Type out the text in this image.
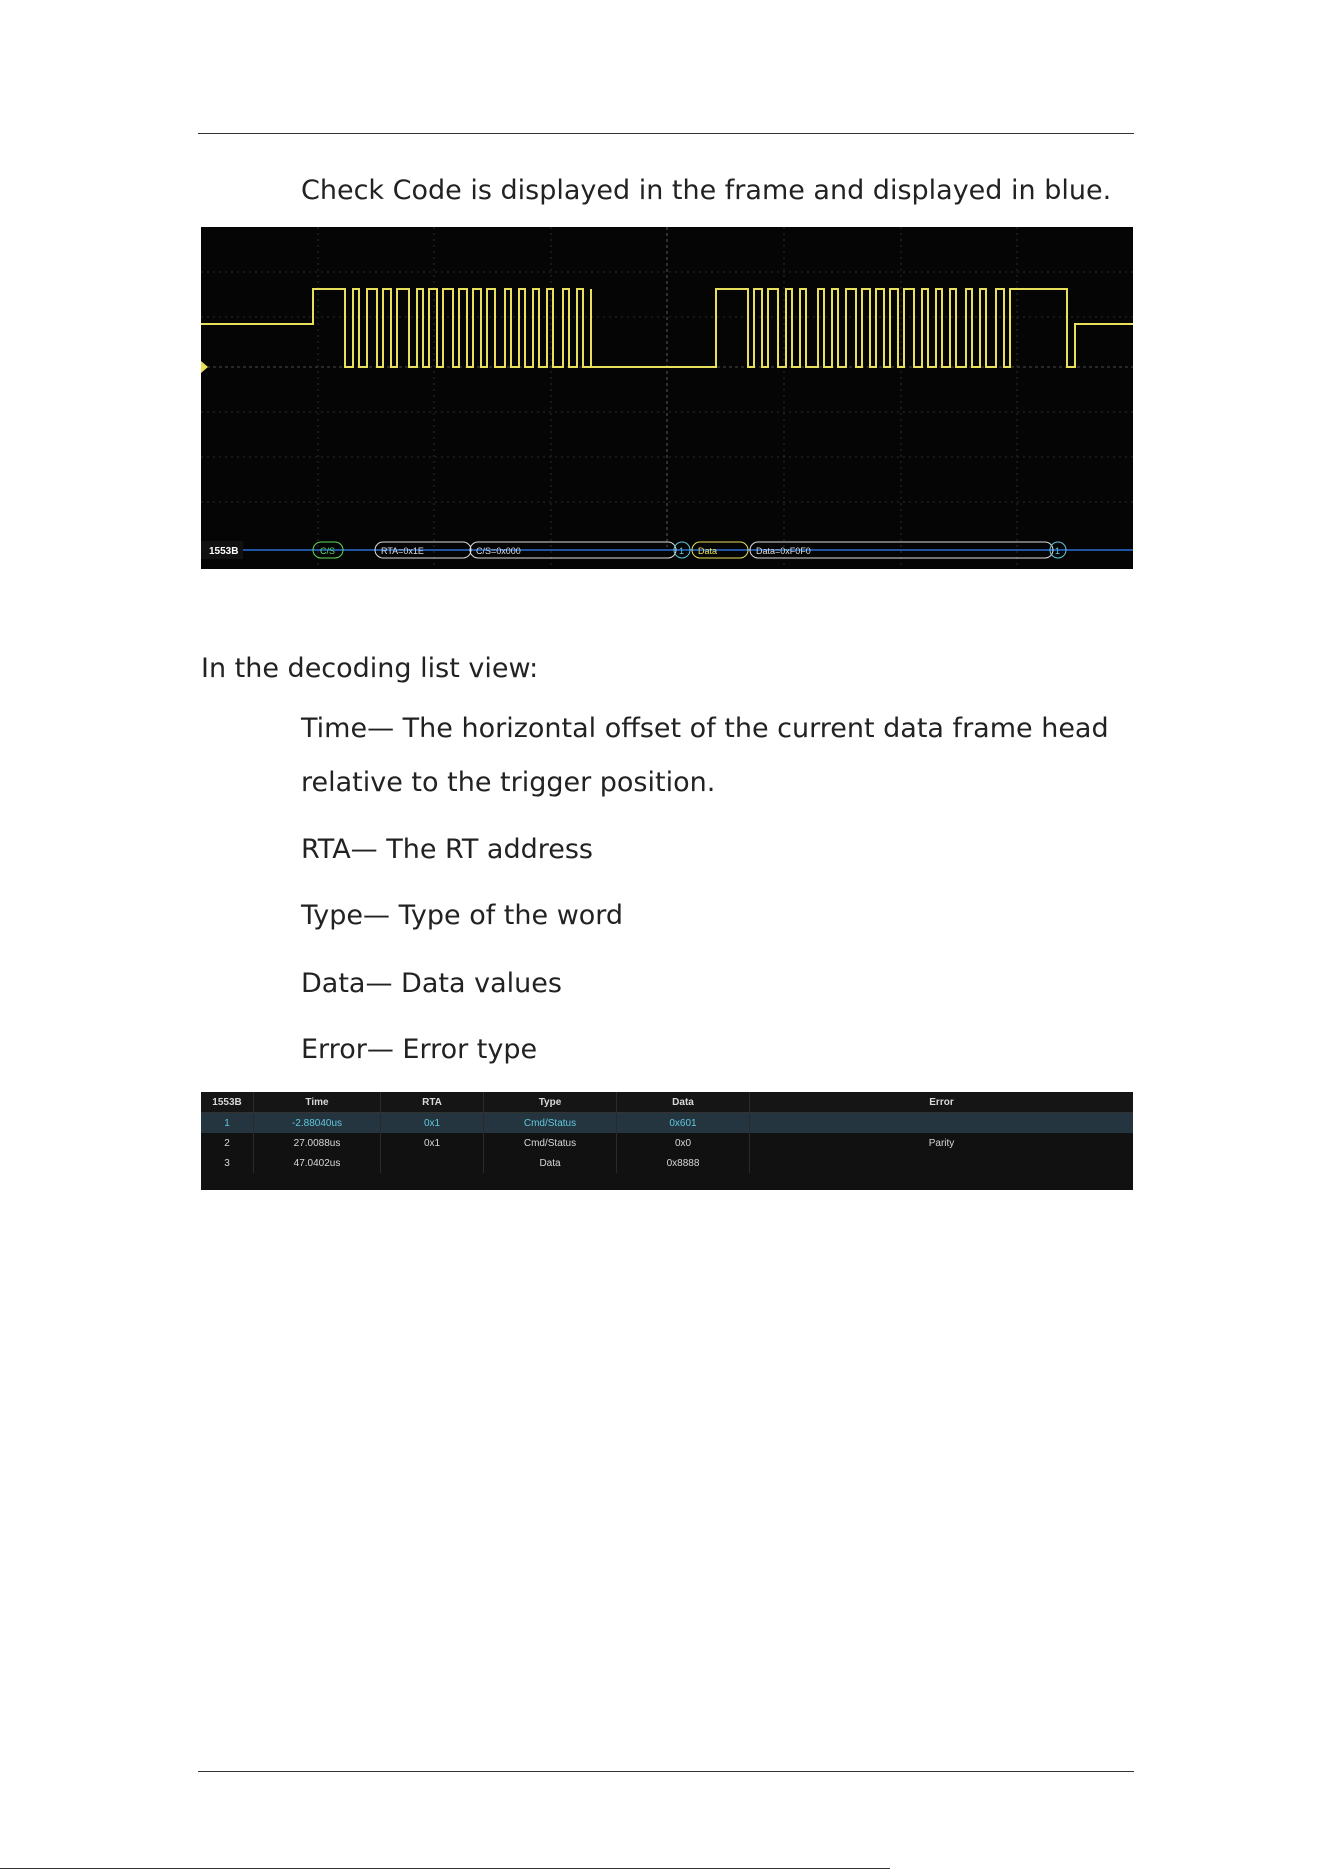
Check Code is displayed in the frame and displayed in blue.
1553B	C/S	RTA=0x1E	C/S=0x000	1 Data	Data=0xF0F0	1
In the decoding list view:
Time— The horizontal offset of the current data frame head
relative to the trigger position.
RTA— The RT address
Type— Type of the word
Data— Data values
Error— Error type
1553B	Time	RTA	Type	Data	Error
1	-2.88040us	0x1	Cmd/Status	0x601	
2	27.0088us	0x1	Cmd/Status	0x0	Parity
3	47.0402us		Data	0x8888	
